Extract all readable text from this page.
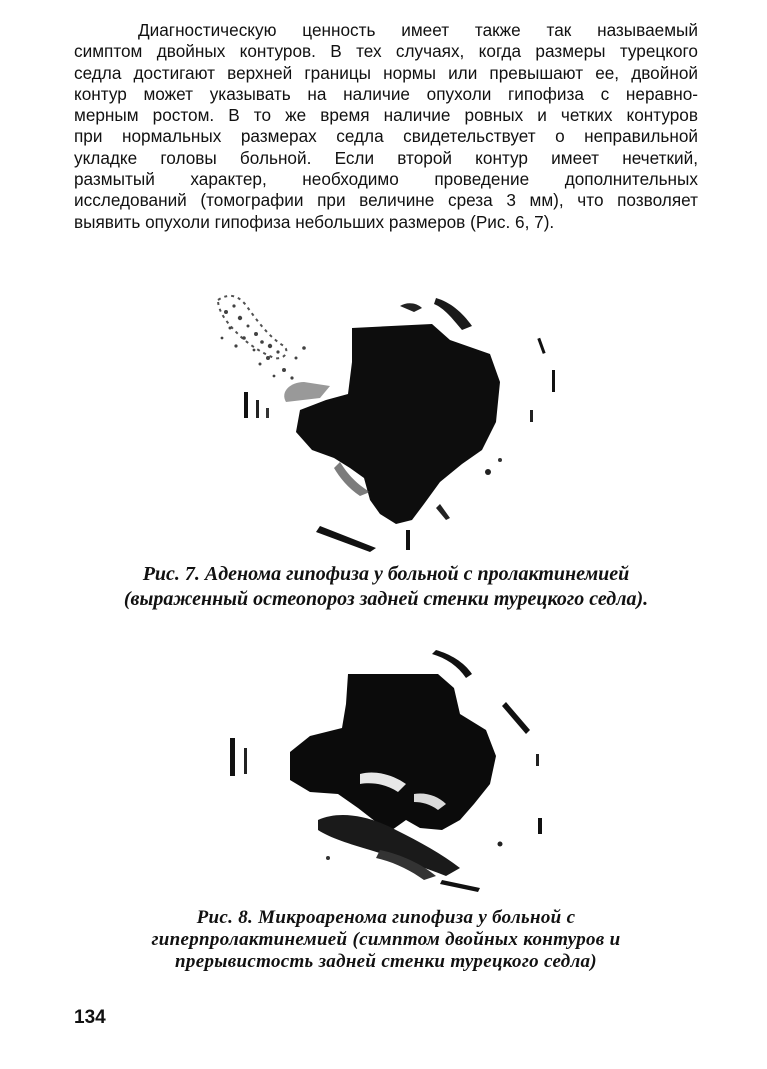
Диагностическую ценность имеет также так называемый
симптом двойных контуров. В тех случаях, когда размеры турецкого
седла достигают верхней границы нормы или превышают ее, двойной
контур может указывать на наличие опухоли гипофиза с неравно-
мерным ростом. В то же время наличие ровных и четких контуров
при нормальных размерах седла свидетельствует о неправильной
укладке головы больной. Если второй контур имеет нечеткий,
размытый характер, необходимо проведение дополнительных
исследований (томографии при величине среза 3 мм), что позволяет
выявить опухоли гипофиза небольших размеров (Рис. 6, 7).

Рис. 7. Аденома гипофиза у больной с пролактинемией
(выраженный остеопороз задней стенки турецкого седла).

Рис. 8. Микроаренома гипофиза у больной с
гиперпролактинемией (симптом двойных контуров и
прерывистость задней стенки турецкого седла)

134
